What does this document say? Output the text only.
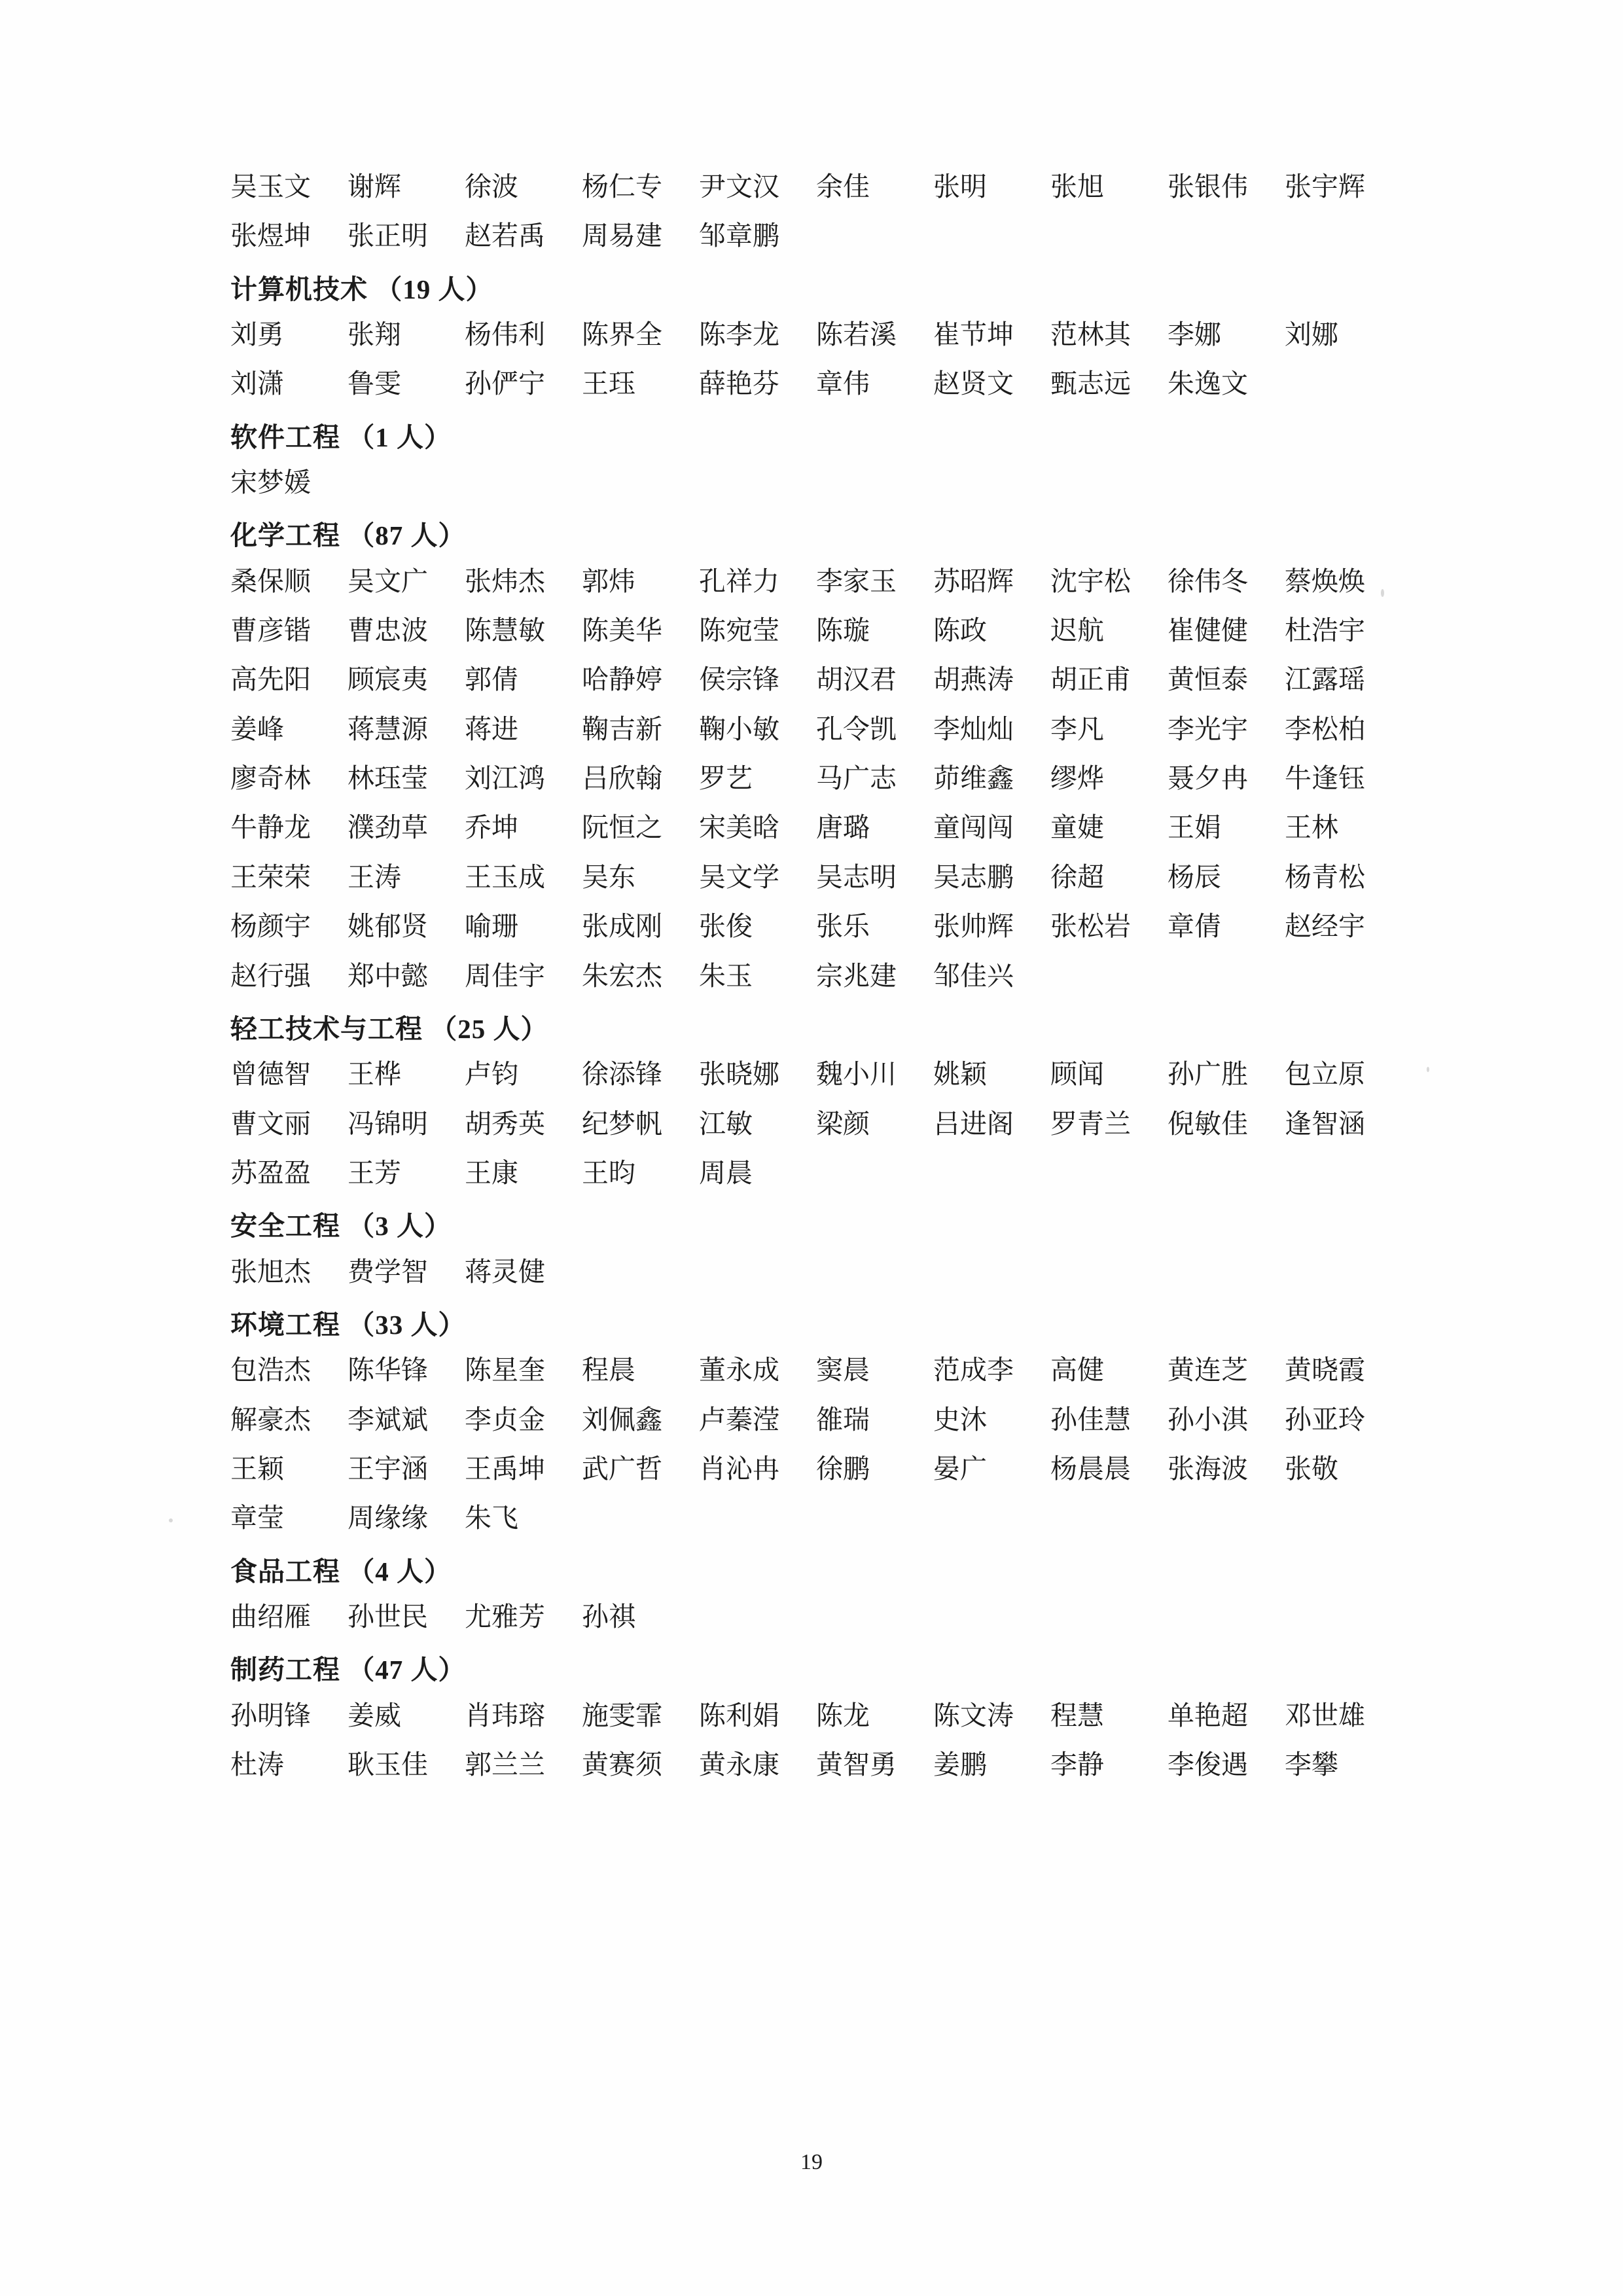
吴玉文	谢辉	徐波	杨仁专	尹文汉	余佳	张明	张旭	张银伟	张宇辉
张煜坤	张正明	赵若禹	周易建	邹章鹏
计算机技术 （19 人）
刘勇	张翔	杨伟利	陈界全	陈李龙	陈若溪	崔节坤	范林其	李娜	刘娜
刘潇	鲁雯	孙俨宁	王珏	薛艳芬	章伟	赵贤文	甄志远	朱逸文
软件工程 （1 人）
宋梦媛
化学工程 （87 人）
桑保顺	吴文广	张炜杰	郭炜	孔祥力	李家玉	苏昭辉	沈宇松	徐伟冬	蔡焕焕
曹彦锴	曹忠波	陈慧敏	陈美华	陈宛莹	陈璇	陈政	迟航	崔健健	杜浩宇
高先阳	顾宸夷	郭倩	哈静婷	侯宗锋	胡汉君	胡燕涛	胡正甫	黄恒泰	江露瑶
姜峰	蒋慧源	蒋进	鞠吉新	鞠小敏	孔令凯	李灿灿	李凡	李光宇	李松柏
廖奇林	林珏莹	刘江鸿	吕欣翰	罗艺	马广志	茆维鑫	缪烨	聂夕冉	牛逢钰
牛静龙	濮劲草	乔坤	阮恒之	宋美晗	唐璐	童闯闯	童婕	王娟	王林
王荣荣	王涛	王玉成	吴东	吴文学	吴志明	吴志鹏	徐超	杨辰	杨青松
杨颜宇	姚郁贤	喻珊	张成刚	张俊	张乐	张帅辉	张松岩	章倩	赵经宇
赵行强	郑中懿	周佳宇	朱宏杰	朱玉	宗兆建	邹佳兴
轻工技术与工程 （25 人）
曾德智	王桦	卢钧	徐添锋	张晓娜	魏小川	姚颖	顾闻	孙广胜	包立原
曹文丽	冯锦明	胡秀英	纪梦帆	江敏	梁颜	吕进阁	罗青兰	倪敏佳	逢智涵
苏盈盈	王芳	王康	王昀	周晨
安全工程 （3 人）
张旭杰	费学智	蒋灵健
环境工程 （33 人）
包浩杰	陈华锋	陈星奎	程晨	董永成	窦晨	范成李	高健	黄连芝	黄晓霞
解豪杰	李斌斌	李贞金	刘佩鑫	卢蓁滢	雒瑞	史沐	孙佳慧	孙小淇	孙亚玲
王颖	王宇涵	王禹坤	武广哲	肖沁冉	徐鹏	晏广	杨晨晨	张海波	张敬
章莹	周缘缘	朱飞
食品工程 （4 人）
曲绍雁	孙世民	尤雅芳	孙祺
制药工程 （47 人）
孙明锋	姜威	肖玮瑢	施雯霏	陈利娟	陈龙	陈文涛	程慧	单艳超	邓世雄
杜涛	耿玉佳	郭兰兰	黄赛须	黄永康	黄智勇	姜鹏	李静	李俊遇	李攀
19
